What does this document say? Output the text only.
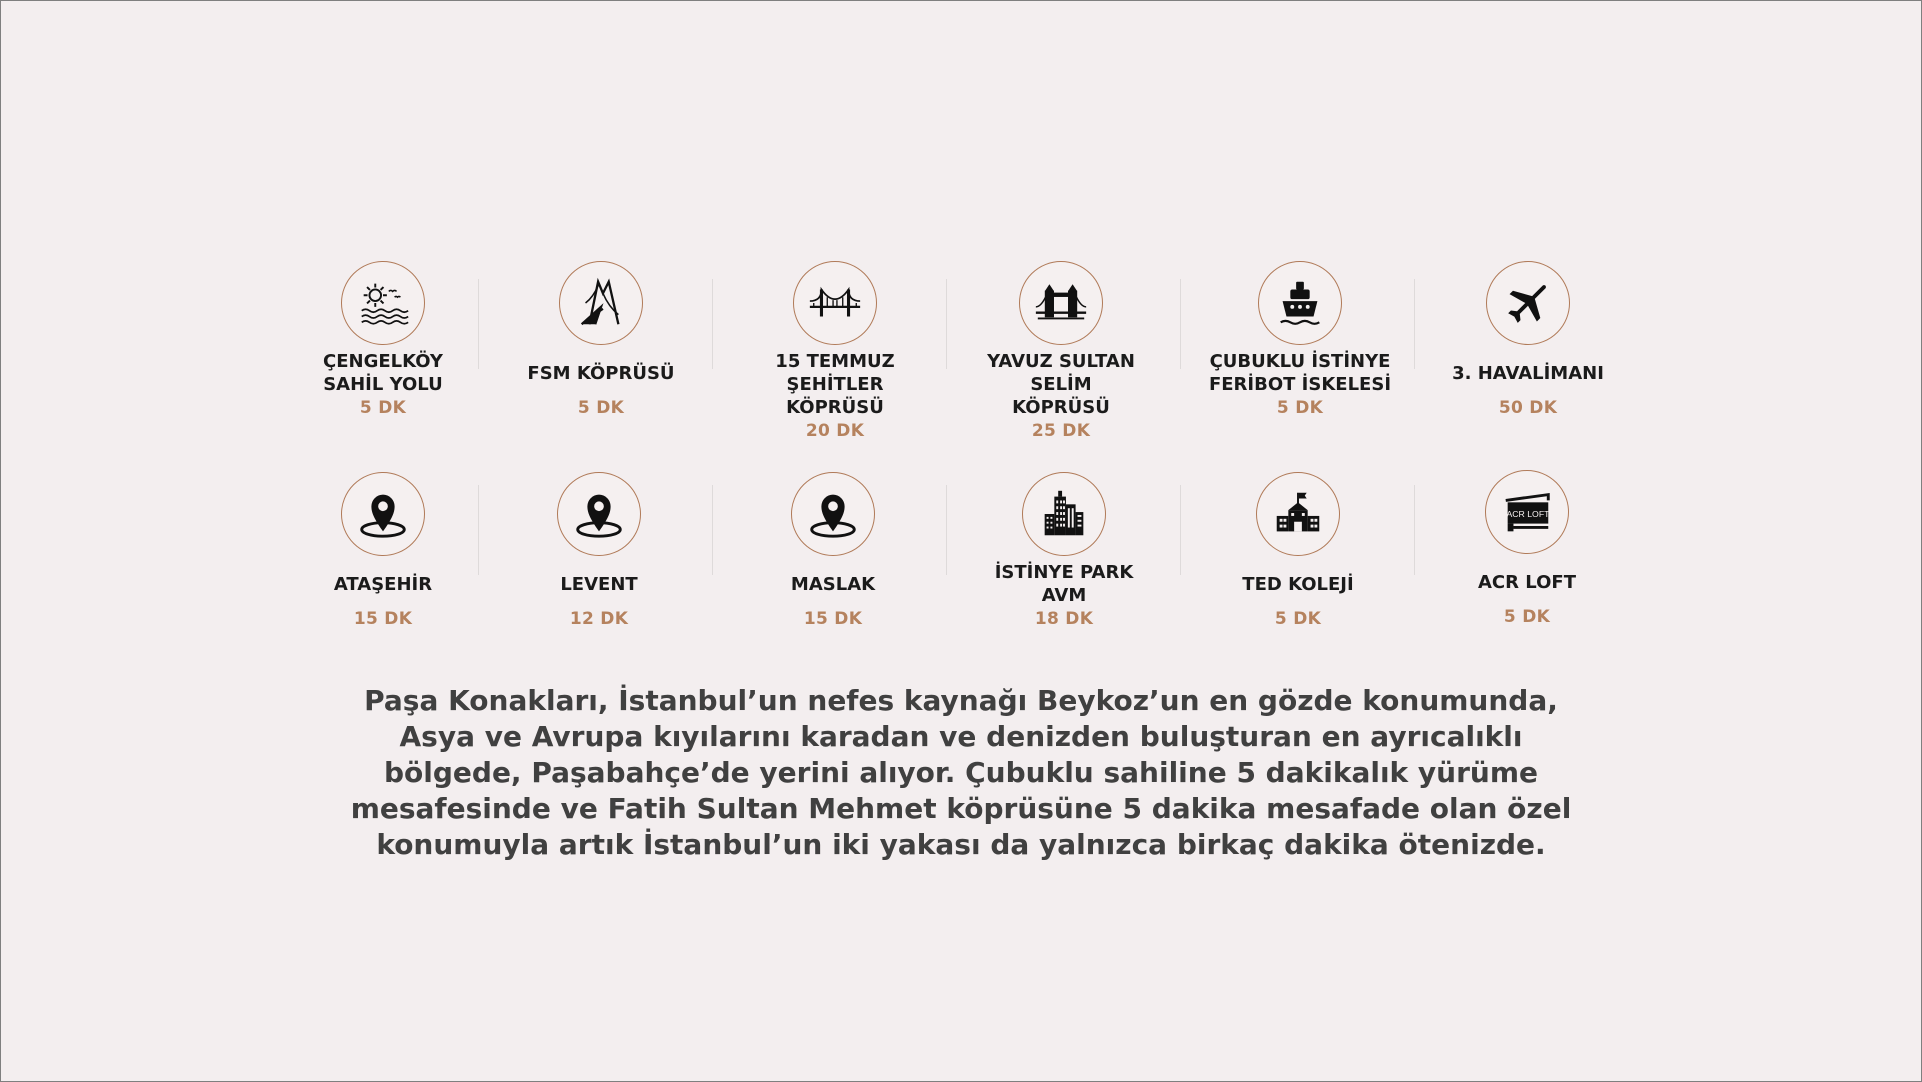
ÇENGELKÖY
SAHİL YOLU
5 DK
FSM KÖPRÜSÜ
5 DK
15 TEMMUZ
ŞEHİTLER KÖPRÜSÜ
20 DK
YAVUZ SULTAN SELİM
KÖPRÜSÜ
25 DK
ÇUBUKLU İSTİNYE
FERİBOT İSKELESİ
5 DK
3. HAVALİMANI
50 DK
ATAŞEHİR
15 DK
LEVENT
12 DK
MASLAK
15 DK
İSTİNYE PARK
AVM
18 DK
TED KOLEJİ
5 DK
ACR LOFT
ACR LOFT
5 DK
Paşa Konakları, İstanbul’un nefes kaynağı Beykoz’un en gözde konumunda, Asya ve Avrupa kıyılarını karadan ve denizden buluşturan en ayrıcalıklı bölgede, Paşabahçe’de yerini alıyor. Çubuklu sahiline 5 dakikalık yürüme mesafesinde ve Fatih Sultan Mehmet köprüsüne 5 dakika mesafade olan özel konumuyla artık İstanbul’un iki yakası da yalnızca birkaç dakika ötenizde.
